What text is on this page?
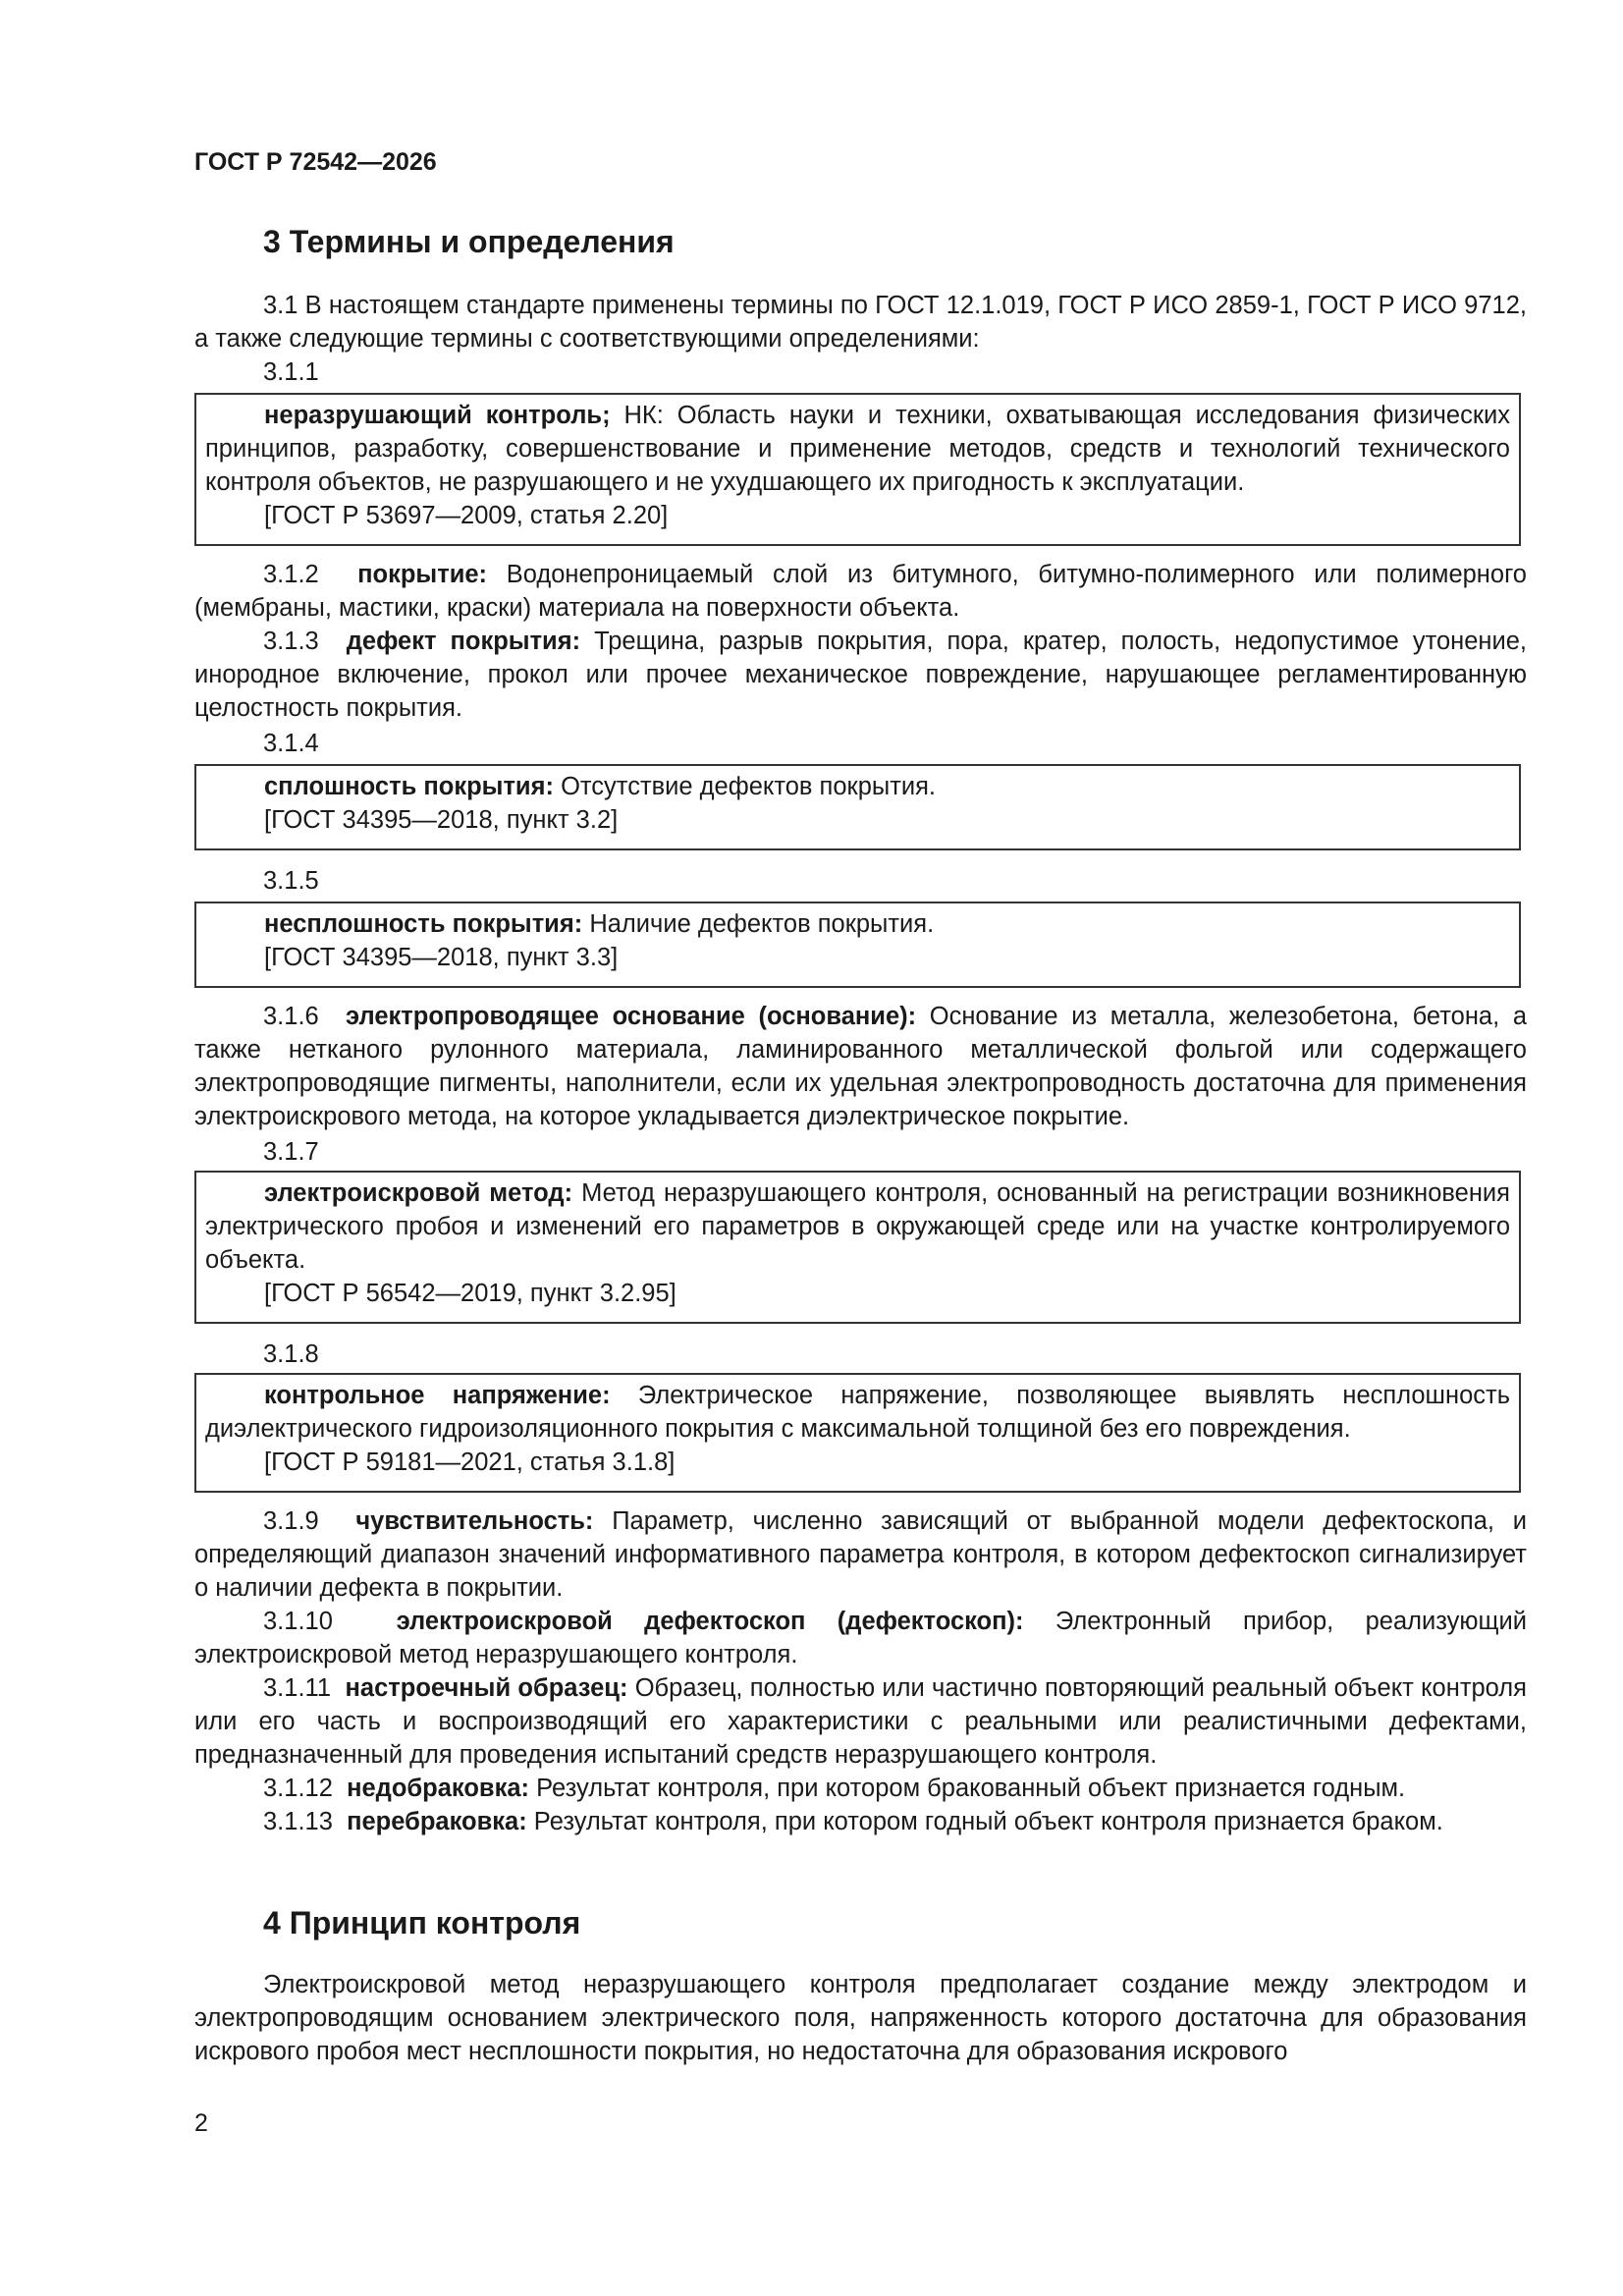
ГОСТ Р 72542—2026

3 Термины и определения

3.1 В настоящем стандарте применены термины по ГОСТ 12.1.019, ГОСТ Р ИСО 2859-1, ГОСТ Р ИСО 9712, а также следующие термины с соответствующими определениями:

3.1.1

неразрушающий контроль; НК: Область науки и техники, охватывающая исследования физических принципов, разработку, совершенствование и применение методов, средств и технологий технического контроля объектов, не разрушающего и не ухудшающего их пригодность к эксплуатации.

[ГОСТ Р 53697—2009, статья 2.20]

3.1.2 покрытие: Водонепроницаемый слой из битумного, битумно-полимерного или полимерного (мембраны, мастики, краски) материала на поверхности объекта.

3.1.3 дефект покрытия: Трещина, разрыв покрытия, пора, кратер, полость, недопустимое утонение, инородное включение, прокол или прочее механическое повреждение, нарушающее регламентированную целостность покрытия.

3.1.4

сплошность покрытия: Отсутствие дефектов покрытия.

[ГОСТ 34395—2018, пункт 3.2]

3.1.5

несплошность покрытия: Наличие дефектов покрытия.

[ГОСТ 34395—2018, пункт 3.3]

3.1.6 электропроводящее основание (основание): Основание из металла, железобетона, бетона, а также нетканого рулонного материала, ламинированного металлической фольгой или содержащего электропроводящие пигменты, наполнители, если их удельная электропроводность достаточна для применения электроискрового метода, на которое укладывается диэлектрическое покрытие.

3.1.7

электроискровой метод: Метод неразрушающего контроля, основанный на регистрации возникновения электрического пробоя и изменений его параметров в окружающей среде или на участке контролируемого объекта.

[ГОСТ Р 56542—2019, пункт 3.2.95]

3.1.8

контрольное напряжение: Электрическое напряжение, позволяющее выявлять несплошность диэлектрического гидроизоляционного покрытия с максимальной толщиной без его повреждения.

[ГОСТ Р 59181—2021, статья 3.1.8]

3.1.9 чувствительность: Параметр, численно зависящий от выбранной модели дефектоскопа, и определяющий диапазон значений информативного параметра контроля, в котором дефектоскоп сигнализирует о наличии дефекта в покрытии.

3.1.10	электроискровой дефектоскоп (дефектоскоп): Электронный прибор, реализующий электроискровой метод неразрушающего контроля.

3.1.11 настроечный образец: Образец, полностью или частично повторяющий реальный объект контроля или его часть и воспроизводящий его характеристики с реальными или реалистичными дефектами, предназначенный для проведения испытаний средств неразрушающего контроля.

3.1.12 недобраковка: Результат контроля, при котором бракованный объект признается годным.

3.1.13 перебраковка: Результат контроля, при котором годный объект контроля признается браком.

4 Принцип контроля

Электроискровой метод неразрушающего контроля предполагает создание между электродом и электропроводящим основанием электрического поля, напряженность которого достаточна для образования искрового пробоя мест несплошности покрытия, но недостаточна для образования искрового

2
